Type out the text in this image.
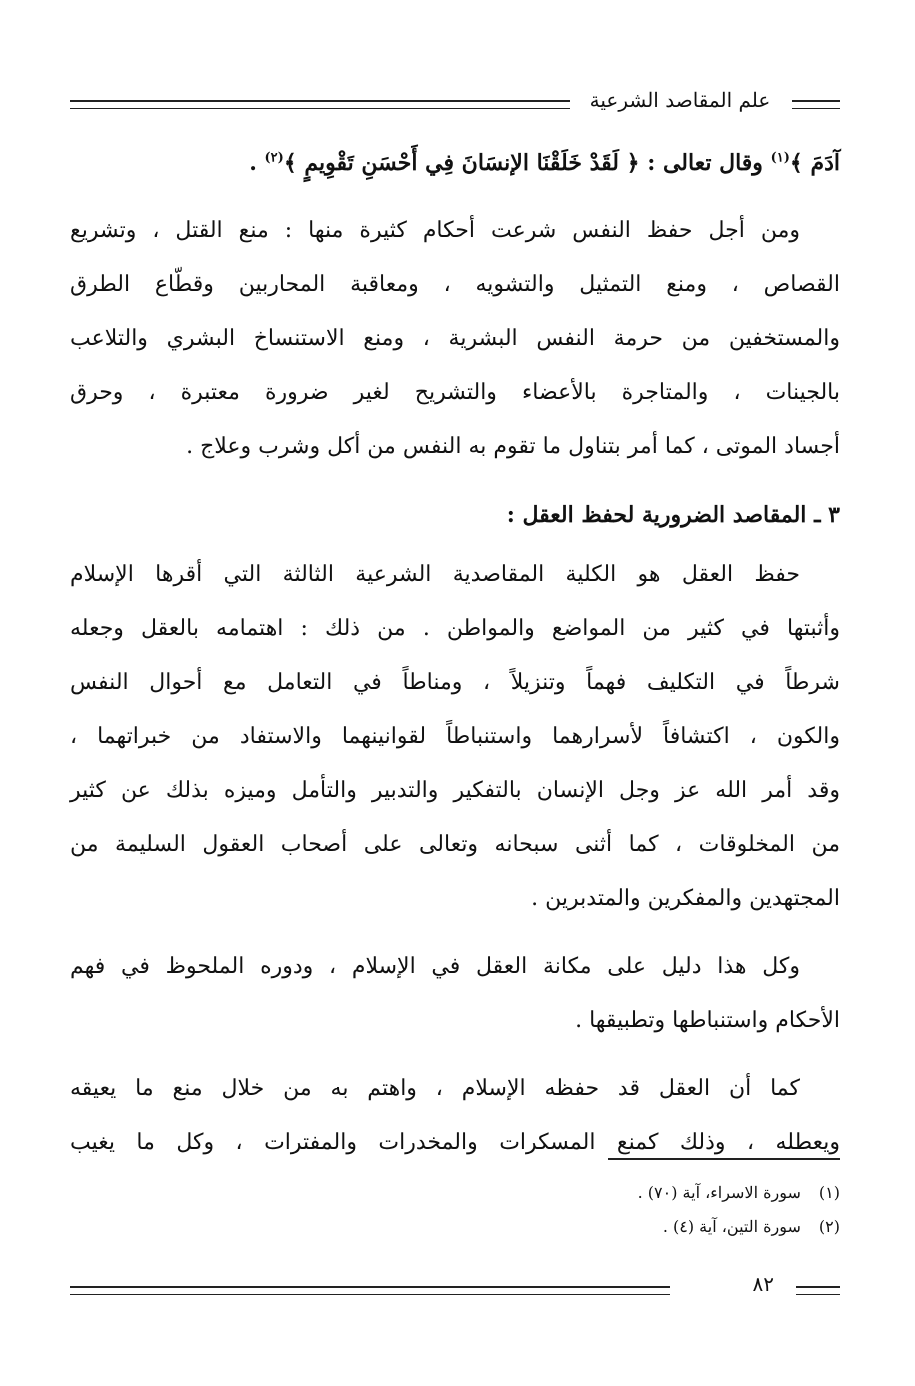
علم المقاصد الشرعية
آدَمَ ﴾$^{(١)}$ وقال تعالى : ﴿ لَقَدْ خَلَقْنَا الإنسَانَ فِي أَحْسَنِ تَقْوِيمٍ ﴾$^{(٢)}$ .
ومن أجل حفظ النفس شرعت أحكام كثيرة منها : منع القتل ، وتشريع
القصاص ، ومنع التمثيل والتشويه ، ومعاقبة المحاربين وقطّاع الطرق
والمستخفين من حرمة النفس البشرية ، ومنع الاستنساخ البشري والتلاعب
بالجينات ، والمتاجرة بالأعضاء والتشريح لغير ضرورة معتبرة ، وحرق
أجساد الموتى ، كما أمر بتناول ما تقوم به النفس من أكل وشرب وعلاج .
٣ ـ المقاصد الضرورية لحفظ العقل :
حفظ العقل هو الكلية المقاصدية الشرعية الثالثة التي أقرها الإسلام
وأثبتها في كثير من المواضع والمواطن . من ذلك : اهتمامه بالعقل وجعله
شرطاً في التكليف فهماً وتنزيلاً ، ومناطاً في التعامل مع أحوال النفس
والكون ، اكتشافاً لأسرارهما واستنباطاً لقوانينهما والاستفاد من خبراتهما ،
وقد أمر الله عز وجل الإنسان بالتفكير والتدبير والتأمل وميزه بذلك عن كثير
من المخلوقات ، كما أثنى سبحانه وتعالى على أصحاب العقول السليمة من
المجتهدين والمفكرين والمتدبرين .
وكل هذا دليل على مكانة العقل في الإسلام ، ودوره الملحوظ في فهم
الأحكام واستنباطها وتطبيقها .
كما أن العقل قد حفظه الإسلام ، واهتم به من خلال منع ما يعيقه
ويعطله ، وذلك كمنع المسكرات والمخدرات والمفترات ، وكل ما يغيب
(١) سورة الاسراء، آية (٧٠) .
(٢) سورة التين، آية (٤) .
٨٢
